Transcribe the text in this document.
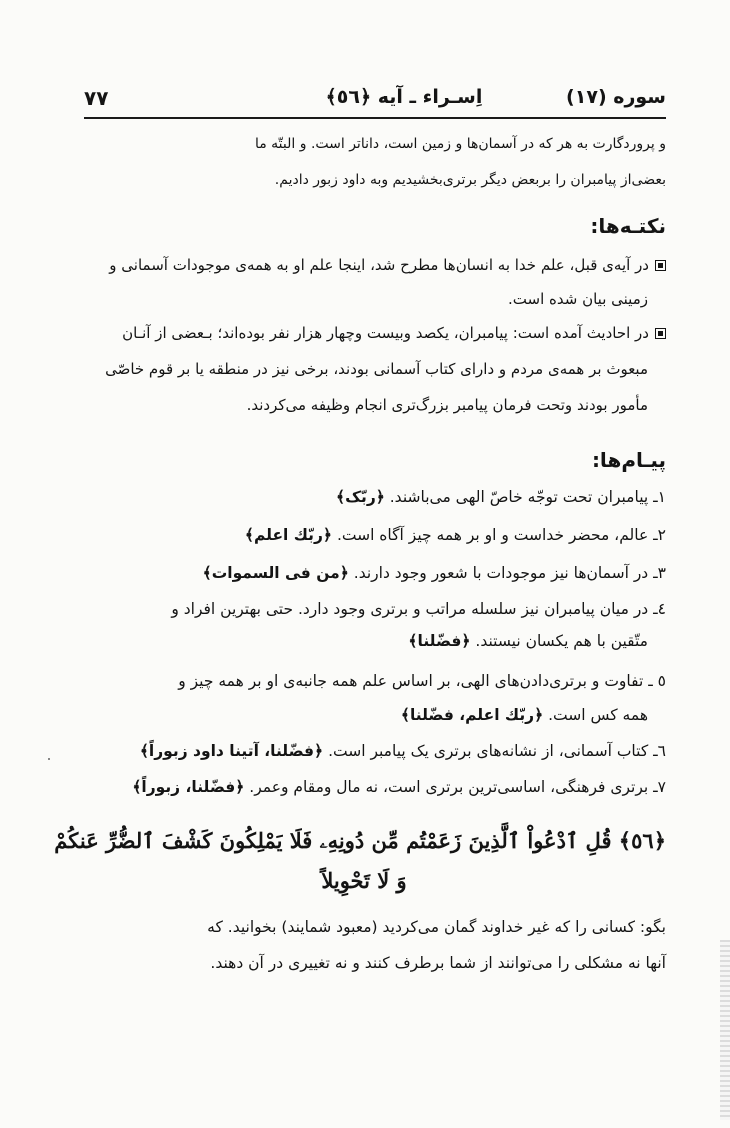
٧٧	اِسـراء ـ آیه ﴿٥٦﴾	سوره (١٧)
و پروردگارت به هر که در آسمان‌ها و زمین است، داناتر است. و البتّه ما
بعضی‌از پیامبران را بر‌بعض دیگر برتری‌بخشیدیم و‌به داود زبور دادیم.
نکتـه‌ها:
در آیه‌ی قبل، علم خدا به انسان‌ها مطرح شد، اینجا علم او به همه‌ی موجودات آسمانی و
زمینی بیان شده است.
در احادیث آمده است: پیامبران، یکصد وبیست وچهار هزار نفر بوده‌اند؛ بـعضی از آنـان
مبعوث بر همه‌ی مردم و دارای کتاب آسمانی بودند، برخی نیز در منطقه یا بر قوم خاصّی
مأمور بودند وتحت فرمان پیامبر بزرگ‌تری انجام وظیفه می‌کردند.
پیـام‌ها:
١ـ پیامبران تحت توجّه خاصّ الهی می‌باشند. ﴿ربّک﴾
٢ـ عالم، محضر خداست و او بر همه چیز آگاه است. ﴿ربّك اعلم﴾
٣ـ در آسمان‌ها نیز موجودات با شعور وجود دارند. ﴿من فى السموات﴾
٤ـ در میان پیامبران نیز سلسله مراتب و برتری وجود دارد. حتی بهترین افراد و
متّقین با هم یکسان نیستند. ﴿فضّلنا﴾
٥ ـ تفاوت و برتری‌دادن‌های الهی، بر اساس علم همه جانبه‌ی او بر همه چیز و
همه کس است. ﴿ربّك اعلم، فضّلنا﴾
٦ـ کتاب آسمانی، از نشانه‌های برتری یک پیامبر است. ﴿فضّلنا، آتینا داود زبوراً﴾
٧ـ برتری فرهنگی، اساسی‌ترین برتری است، نه مال ومقام وعمر. ﴿فضّلنا، زبوراً﴾
﴿٥٦﴾ قُلِ ٱدْعُواْ ٱلَّذِينَ زَعَمْتُم مِّن دُونِهِۦ فَلَا يَمْلِكُونَ كَشْفَ ٱلضُّرِّ عَنكُمْ
وَ لَا تَحْوِيلاً
بگو: کسانی را که غیر خداوند گمان می‌کردید (معبود شمایند) بخوانید. که
آنها نه مشکلی را می‌توانند از شما برطرف کنند و نه تغییری در آن دهند.
